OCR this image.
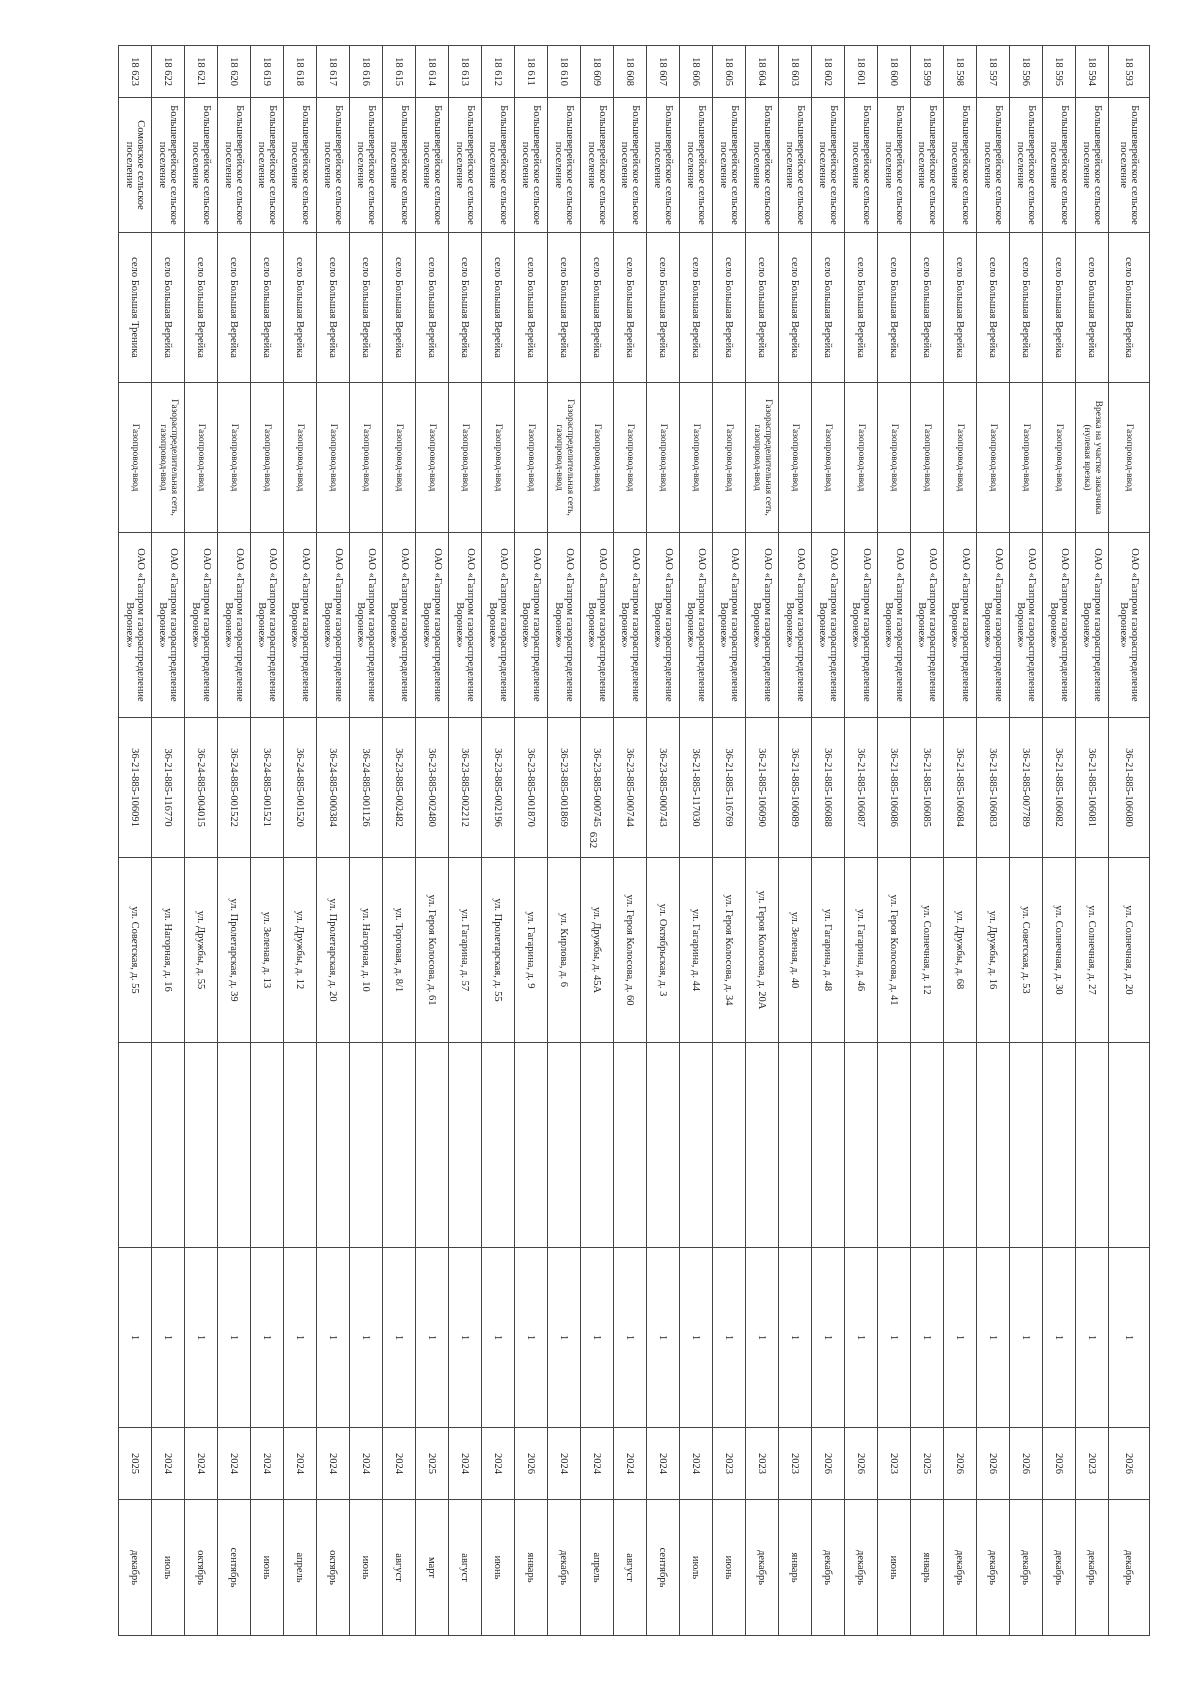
632
18 593	Большеверейское сельское поселение	село Большая Верейка	Газопровод-ввод	ОАО «Газпром газораспределение Воронеж»	36-21-885-106080	ул. Солнечная, д. 20		1	2026	декабрь
18 594	Большеверейское сельское поселение	село Большая Верейка	Врезка на участке заказчика (нулевая врезка)	ОАО «Газпром газораспределение Воронеж»	36-21-885-106081	ул. Солнечная, д. 27		1	2023	декабрь
18 595	Большеверейское сельское поселение	село Большая Верейка	Газопровод-ввод	ОАО «Газпром газораспределение Воронеж»	36-21-885-106082	ул. Солнечная, д. 30		1	2026	декабрь
18 596	Большеверейское сельское поселение	село Большая Верейка	Газопровод-ввод	ОАО «Газпром газораспределение Воронеж»	36-21-885-007789	ул. Советская, д. 53		1	2026	декабрь
18 597	Большеверейское сельское поселение	село Большая Верейка	Газопровод-ввод	ОАО «Газпром газораспределение Воронеж»	36-21-885-106083	ул. Дружбы, д. 16		1	2026	декабрь
18 598	Большеверейское сельское поселение	село Большая Верейка	Газопровод-ввод	ОАО «Газпром газораспределение Воронеж»	36-21-885-106084	ул. Дружбы, д. 68		1	2026	декабрь
18 599	Большеверейское сельское поселение	село Большая Верейка	Газопровод-ввод	ОАО «Газпром газораспределение Воронеж»	36-21-885-106085	ул. Солнечная, д. 12		1	2025	январь
18 600	Большеверейское сельское поселение	село Большая Верейка	Газопровод-ввод	ОАО «Газпром газораспределение Воронеж»	36-21-885-106086	ул. Героя Колосова, д. 41		1	2023	июнь
18 601	Большеверейское сельское поселение	село Большая Верейка	Газопровод-ввод	ОАО «Газпром газораспределение Воронеж»	36-21-885-106087	ул. Гагарина, д. 46		1	2026	декабрь
18 602	Большеверейское сельское поселение	село Большая Верейка	Газопровод-ввод	ОАО «Газпром газораспределение Воронеж»	36-21-885-106088	ул. Гагарина, д. 48		1	2026	декабрь
18 603	Большеверейское сельское поселение	село Большая Верейка	Газопровод-ввод	ОАО «Газпром газораспределение Воронеж»	36-21-885-106089	ул. Зеленая, д. 40		1	2023	январь
18 604	Большеверейское сельское поселение	село Большая Верейка	Газораспределительная сеть, газопровод-ввод	ОАО «Газпром газораспределение Воронеж»	36-21-885-106090	ул. Героя Колосова, д. 20А		1	2023	декабрь
18 605	Большеверейское сельское поселение	село Большая Верейка	Газопровод-ввод	ОАО «Газпром газораспределение Воронеж»	36-21-885-116769	ул. Героя Колосова, д. 34		1	2023	июнь
18 606	Большеверейское сельское поселение	село Большая Верейка	Газопровод-ввод	ОАО «Газпром газораспределение Воронеж»	36-21-885-117030	ул. Гагарина, д. 44		1	2024	июль
18 607	Большеверейское сельское поселение	село Большая Верейка	Газопровод-ввод	ОАО «Газпром газораспределение Воронеж»	36-23-885-000743	ул. Октябрьская, д. 3		1	2024	сентябрь
18 608	Большеверейское сельское поселение	село Большая Верейка	Газопровод-ввод	ОАО «Газпром газораспределение Воронеж»	36-23-885-000744	ул. Героя Колосова, д. 60		1	2024	август
18 609	Большеверейское сельское поселение	село Большая Верейка	Газопровод-ввод	ОАО «Газпром газораспределение Воронеж»	36-23-885-000745	ул. Дружбы, д. 45А		1	2024	апрель
18 610	Большеверейское сельское поселение	село Большая Верейка	Газораспределительная сеть, газопровод-ввод	ОАО «Газпром газораспределение Воронеж»	36-23-885-001869	ул. Кирлова, д. 6		1	2024	декабрь
18 611	Большеверейское сельское поселение	село Большая Верейка	Газопровод-ввод	ОАО «Газпром газораспределение Воронеж»	36-23-885-001870	ул. Гагарина, д. 9		1	2026	январь
18 612	Большеверейское сельское поселение	село Большая Верейка	Газопровод-ввод	ОАО «Газпром газораспределение Воронеж»	36-23-885-002196	ул. Пролетарская, д. 55		1	2024	июнь
18 613	Большеверейское сельское поселение	село Большая Верейка	Газопровод-ввод	ОАО «Газпром газораспределение Воронеж»	36-23-885-002212	ул. Гагарина, д. 57		1	2024	август
18 614	Большеверейское сельское поселение	село Большая Верейка	Газопровод-ввод	ОАО «Газпром газораспределение Воронеж»	36-23-885-002480	ул. Героя Колосова, д. 61		1	2025	март
18 615	Большеверейское сельское поселение	село Большая Верейка	Газопровод-ввод	ОАО «Газпром газораспределение Воронеж»	36-23-885-002482	ул. Торговая, д. 8/1		1	2024	август
18 616	Большеверейское сельское поселение	село Большая Верейка	Газопровод-ввод	ОАО «Газпром газораспределение Воронеж»	36-24-885-001126	ул. Нагорная, д. 10		1	2024	июнь
18 617	Большеверейское сельское поселение	село Большая Верейка	Газопровод-ввод	ОАО «Газпром газораспределение Воронеж»	36-24-885-000384	ул. Пролетарская, д. 20		1	2024	октябрь
18 618	Большеверейское сельское поселение	село Большая Верейка	Газопровод-ввод	ОАО «Газпром газораспределение Воронеж»	36-24-885-001520	ул. Дружбы, д. 12		1	2024	апрель
18 619	Большеверейское сельское поселение	село Большая Верейка	Газопровод-ввод	ОАО «Газпром газораспределение Воронеж»	36-24-885-001521	ул. Зеленая, д. 13		1	2024	июнь
18 620	Большеверейское сельское поселение	село Большая Верейка	Газопровод-ввод	ОАО «Газпром газораспределение Воронеж»	36-24-885-001522	ул. Пролетарская, д. 39		1	2024	сентябрь
18 621	Большеверейское сельское поселение	село Большая Верейка	Газопровод-ввод	ОАО «Газпром газораспределение Воронеж»	36-24-885-004015	ул. Дружбы, д. 55		1	2024	октябрь
18 622	Большеверейское сельское поселение	село Большая Верейка	Газораспределительная сеть, газопровод-ввод	ОАО «Газпром газораспределение Воронеж»	36-21-885-116770	ул. Нагорная, д. 16		1	2024	июль
18 623	Сомовское сельское поселение	село Большая Треника	Газопровод-ввод	ОАО «Газпром газораспределение Воронеж»	36-21-885-106091	ул. Советская, д. 55		1	2025	декабрь
